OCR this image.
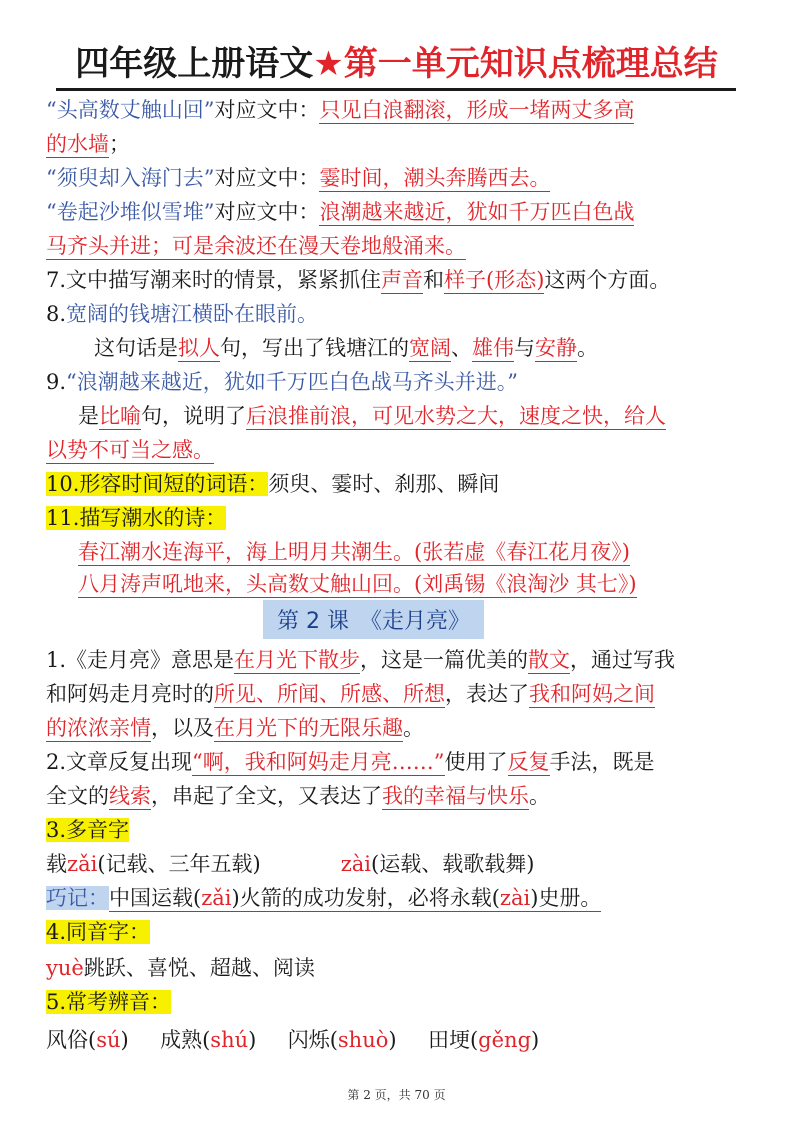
四年级上册语文★第一单元知识点梳理总结
“头高数丈触山回”对应文中：只见白浪翻滚，形成一堵两丈多高
的水墙；
“须臾却入海门去”对应文中：霎时间，潮头奔腾西去。
“卷起沙堆似雪堆”对应文中：浪潮越来越近，犹如千万匹白色战
马齐头并进；可是余波还在漫天卷地般涌来。
7.文中描写潮来时的情景，紧紧抓住声音和样子(形态)这两个方面。
8.宽阔的钱塘江横卧在眼前。
这句话是拟人句，写出了钱塘江的宽阔、雄伟与安静。
9.“浪潮越来越近，犹如千万匹白色战马齐头并进。”
是比喻句，说明了后浪推前浪，可见水势之大，速度之快，给人
以势不可当之感。
10.形容时间短的词语：须臾、霎时、刹那、瞬间
11.描写潮水的诗：
春江潮水连海平，海上明月共潮生。(张若虚《春江花月夜》)
八月涛声吼地来，头高数丈触山回。(刘禹锡《浪淘沙 其七》)
第 2 课　《走月亮》
1.《走月亮》意思是在月光下散步，这是一篇优美的散文，通过写我
和阿妈走月亮时的所见、所闻、所感、所想，表达了我和阿妈之间
的浓浓亲情，以及在月光下的无限乐趣。
2.文章反复出现“啊，我和阿妈走月亮……”使用了反复手法，既是
全文的线索，串起了全文，又表达了我的幸福与快乐。
3.多音字
载zǎi(记载、三年五载)	zài(运载、载歌载舞)
巧记：中国运载(zǎi)火箭的成功发射，必将永载(zài)史册。
4.同音字：
yuè跳跃、喜悦、超越、阅读
5.常考辨音：
风俗(sú) 成熟(shú) 闪烁(shuò) 田埂(gěng)
第 2 页，共 70 页
